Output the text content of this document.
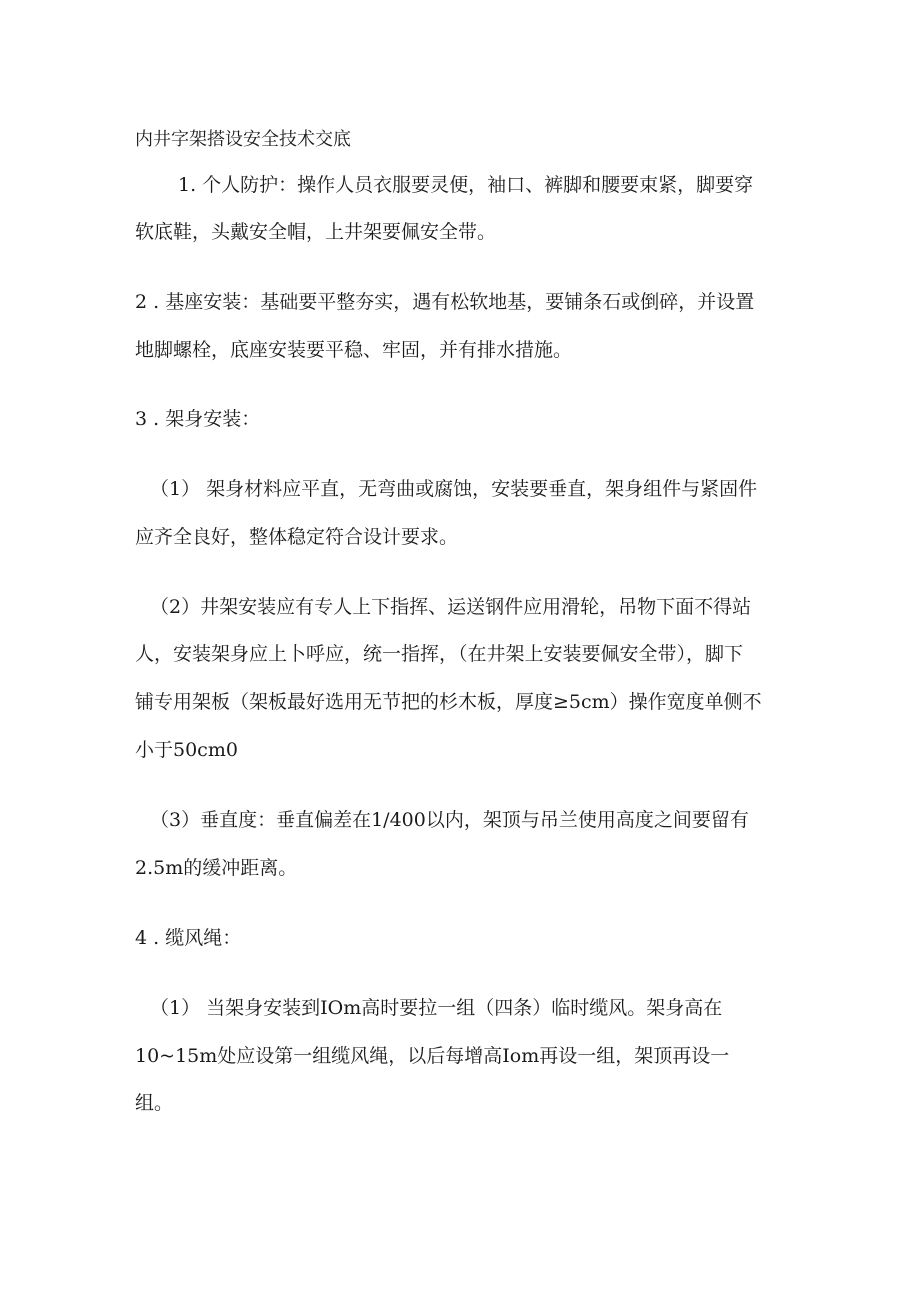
内井字架搭设安全技术交底
1. 个人防护：操作人员衣服要灵便，袖口、裤脚和腰要束紧，脚要穿
软底鞋，头戴安全帽，上井架要佩安全带。
2 . 基座安装：基础要平整夯实，遇有松软地基，要铺条石或倒碎，并设置
地脚螺栓，底座安装要平稳、牢固，并有排水措施。
3 . 架身安装：
（1） 架身材料应平直，无弯曲或腐蚀，安装要垂直，架身组件与紧固件
应齐全良好，整体稳定符合设计要求。
（2）井架安装应有专人上下指挥、运送钢件应用滑轮，吊物下面不得站
人，安装架身应上卜呼应，统一指挥，（在井架上安装要佩安全带），脚下
铺专用架板（架板最好选用无节把的杉木板，厚度≥5cm）操作宽度单侧不
小于50cm0
（3）垂直度：垂直偏差在1/400以内，架顶与吊兰使用高度之间要留有
2.5m的缓冲距离。
4 . 缆风绳：
（1） 当架身安装到IOm高时要拉一组（四条）临时缆风。架身高在
10~15m处应设第一组缆风绳，以后每增高Iom再设一组，架顶再设一
组。
